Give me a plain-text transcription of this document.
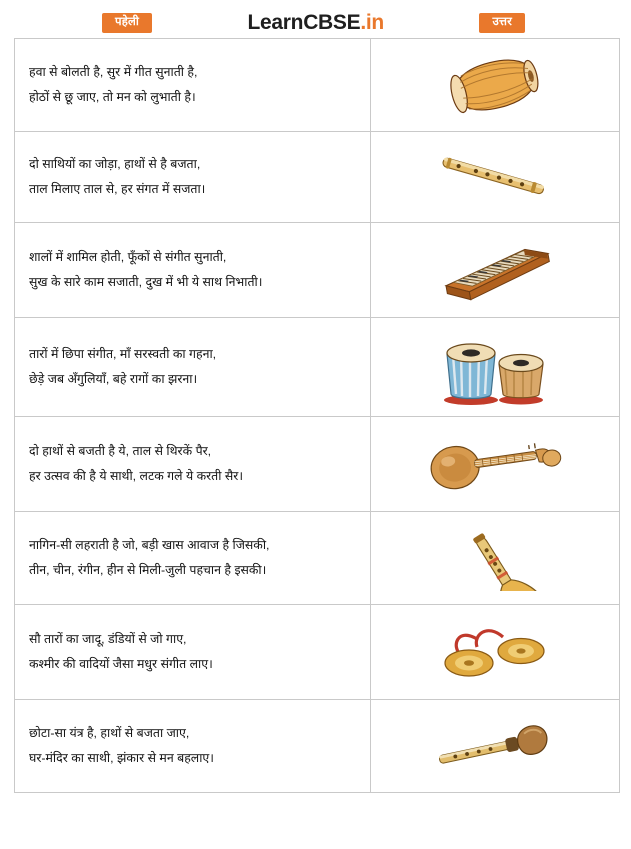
पहेली	LearnCBSE.in	उत्तर
हवा से बोलती है, सुर में गीत सुनाती है,
होठों से छू जाए, तो मन को लुभाती है।

दो साथियों का जोड़ा, हाथों से है बजता,
ताल मिलाए ताल से, हर संगत में सजता।

शालों में शामिल होती, फूँकों से संगीत सुनाती,
सुख के सारे काम सजाती, दुख में भी ये साथ निभाती।

तारों में छिपा संगीत, माँ सरस्वती का गहना,
छेड़े जब अँगुलियाँ, बहे रागों का झरना।

दो हाथों से बजती है ये, ताल से थिरकें पैर,
हर उत्सव की है ये साथी, लटक गले ये करती सैर।

नागिन-सी लहराती है जो, बड़ी खास आवाज है जिसकी,
तीन, चीन, रंगीन, हीन से मिली-जुली पहचान है इसकी।

सौ तारों का जादू, डंडियों से जो गाए,
कश्मीर की वादियों जैसा मधुर संगीत लाए।

छोटा-सा यंत्र है, हाथों से बजता जाए,
घर-मंदिर का साथी, झंकार से मन बहलाए।
